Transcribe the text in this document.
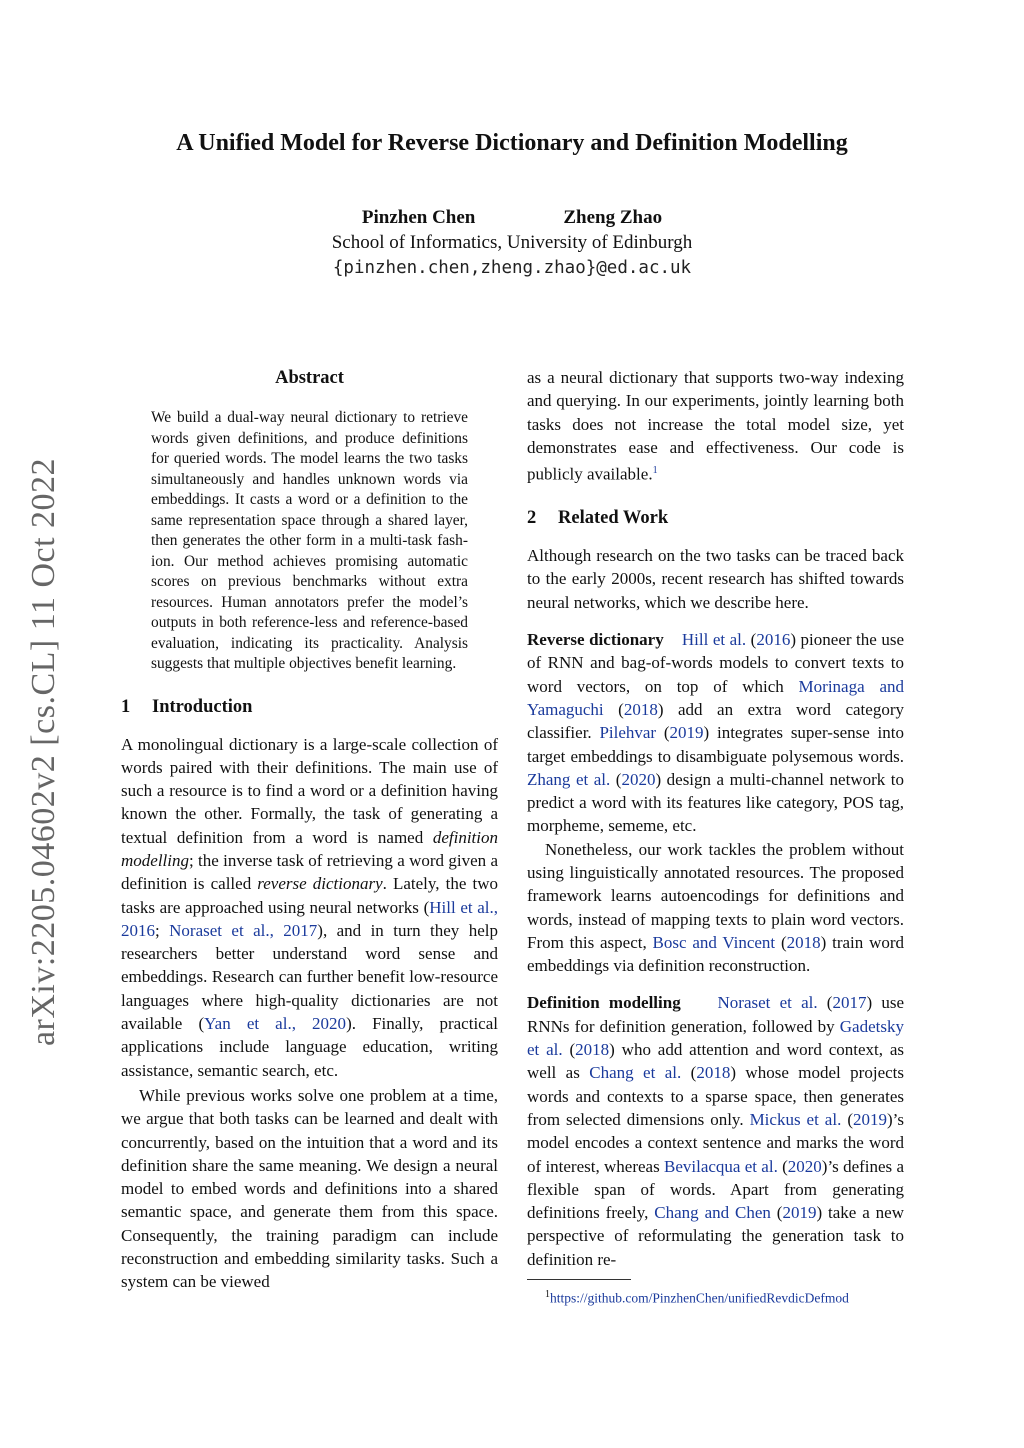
arXiv:2205.04602v2 [cs.CL] 11 Oct 2022
A Unified Model for Reverse Dictionary and Definition Modelling
Pinzhen Chen	Zheng Zhao
School of Informatics, University of Edinburgh
{pinzhen.chen,zheng.zhao}@ed.ac.uk
Abstract
We build a dual-way neural dictionary to retrieve words given definitions, and produce definitions for queried words. The model learns the two tasks simultaneously and handles unknown words via embeddings. It casts a word or a definition to the same representation space through a shared layer, then generates the other form in a multi-task fashion. Our method achieves promising automatic scores on previous benchmarks without extra resources. Human annotators prefer the model’s outputs in both reference-less and reference-based evaluation, indicating its practicality. Analysis suggests that multiple objectives benefit learning.
1 Introduction

A monolingual dictionary is a large-scale collection of words paired with their definitions. The main use of such a resource is to find a word or a definition having known the other. Formally, the task of generating a textual definition from a word is named definition modelling; the inverse task of retrieving a word given a definition is called reverse dictionary. Lately, the two tasks are approached using neural networks (Hill et al., 2016; Noraset et al., 2017), and in turn they help researchers better understand word sense and embeddings. Research can further benefit low-resource languages where high-quality dictionaries are not available (Yan et al., 2020). Finally, practical applications include language education, writing assistance, semantic search, etc.

While previous works solve one problem at a time, we argue that both tasks can be learned and dealt with concurrently, based on the intuition that a word and its definition share the same meaning. We design a neural model to embed words and definitions into a shared semantic space, and generate them from this space. Consequently, the training paradigm can include reconstruction and embedding similarity tasks. Such a system can be viewed

as a neural dictionary that supports two-way indexing and querying. In our experiments, jointly learning both tasks does not increase the total model size, yet demonstrates ease and effectiveness. Our code is publicly available.$^1$

2 Related Work

Although research on the two tasks can be traced back to the early 2000s, recent research has shifted towards neural networks, which we describe here.

Reverse dictionary Hill et al. (2016) pioneer the use of RNN and bag-of-words models to convert texts to word vectors, on top of which Morinaga and Yamaguchi (2018) add an extra word category classifier. Pilehvar (2019) integrates super-sense into target embeddings to disambiguate polysemous words. Zhang et al. (2020) design a multi-channel network to predict a word with its features like category, POS tag, morpheme, sememe, etc.

Nonetheless, our work tackles the problem without using linguistically annotated resources. The proposed framework learns autoencodings for definitions and words, instead of mapping texts to plain word vectors. From this aspect, Bosc and Vincent (2018) train word embeddings via definition reconstruction.

Definition modelling Noraset et al. (2017) use RNNs for definition generation, followed by Gadetsky et al. (2018) who add attention and word context, as well as Chang et al. (2018) whose model projects words and contexts to a sparse space, then generates from selected dimensions only. Mickus et al. (2019)’s model encodes a context sentence and marks the word of interest, whereas Bevilacqua et al. (2020)’s defines a flexible span of words. Apart from generating definitions freely, Chang and Chen (2019) take a new perspective of reformulating the generation task to definition re-

$^1$https://github.com/PinzhenChen/unifiedRevdicDefmod
